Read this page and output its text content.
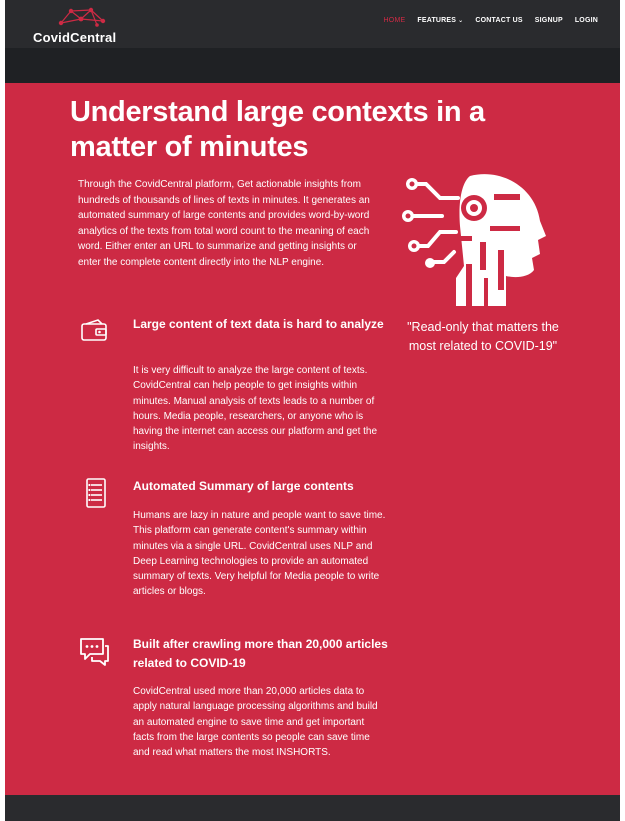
CovidCentral
HOME FEATURES ⌄ CONTACT US SIGNUP LOGIN
Understand large contexts in a matter of minutes

Through the CovidCentral platform, Get actionable insights from hundreds of thousands of lines of texts in minutes. It generates an automated summary of large contents and provides word-by-word analytics of the texts from total word count to the meaning of each word. Either enter an URL to summarize and getting insights or enter the complete content directly into the NLP engine.

"Read-only that matters the most related to COVID-19"

Large content of text data is hard to analyze

It is very difficult to analyze the large content of texts. CovidCentral can help people to get insights within minutes. Manual analysis of texts leads to a number of hours. Media people, researchers, or anyone who is having the internet can access our platform and get the insights.

Automated Summary of large contents

Humans are lazy in nature and people want to save time. This platform can generate content's summary within minutes via a single URL. CovidCentral uses NLP and Deep Learning technologies to provide an automated summary of texts. Very helpful for Media people to write articles or blogs.

Built after crawling more than 20,000 articles related to COVID-19

CovidCentral used more than 20,000 articles data to apply natural language processing algorithms and build an automated engine to save time and get important facts from the large contents so people can save time and read what matters the most INSHORTS.
